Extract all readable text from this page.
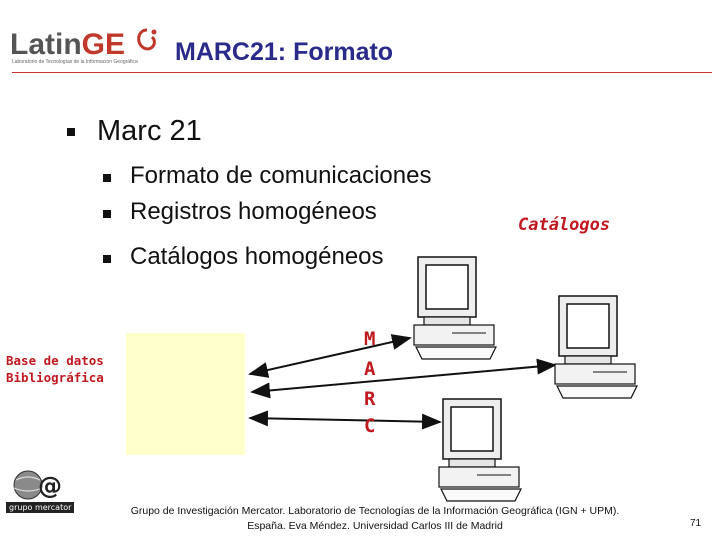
LatinGE
Laboratorio de Tecnologías de la Información Geográfica MARC21: Formato
Marc 21
Formato de comunicaciones
Registros homogéneos
Catálogos homogéneos
Catálogos
Base de datos
Bibliográfica
M
A
R
C
@
grupo mercator	Grupo de Investigación Mercator. Laboratorio de Tecnologías de la Información Geográfica (IGN + UPM).
España. Eva Méndez. Universidad Carlos III de Madrid	71
